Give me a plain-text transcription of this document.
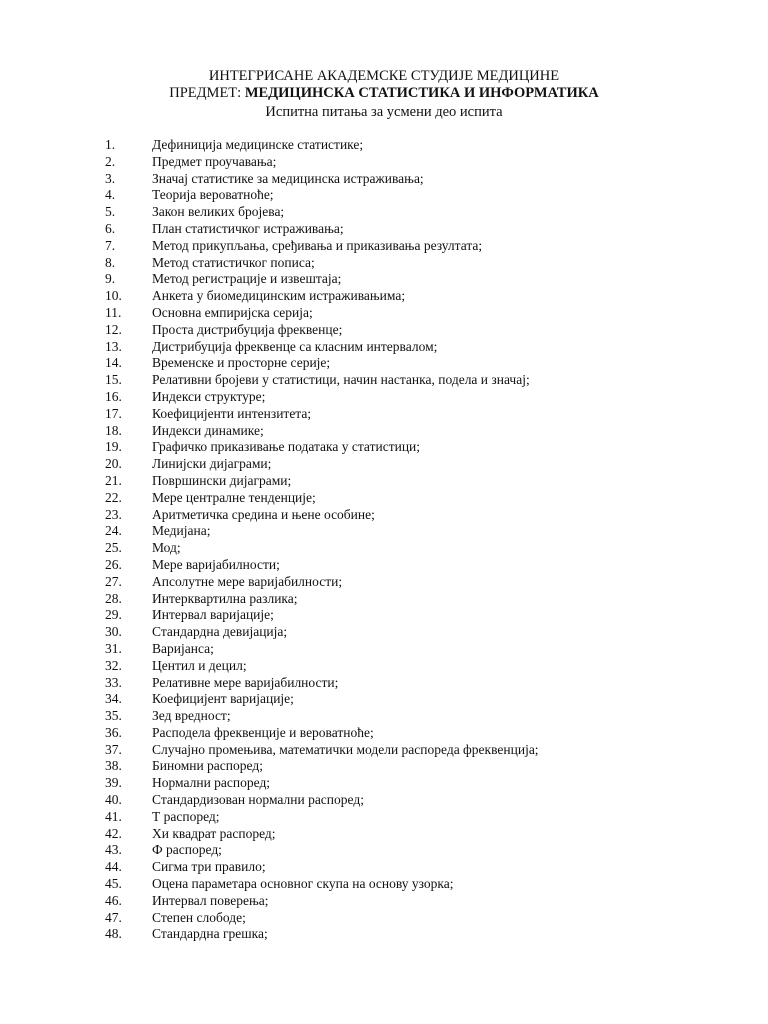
ИНТЕГРИСАНЕ АКАДЕМСКЕ СТУДИЈЕ МЕДИЦИНЕ
ПРЕДМЕТ: МЕДИЦИНСКА СТАТИСТИКА И ИНФОРМАТИКА
Испитна питања за усмени део испита
1.	Дефиниција медицинске статистике;
2.	Предмет проучавања;
3.	Значај статистике за медицинска истраживања;
4.	Теорија вероватноће;
5.	Закон великих бројева;
6.	План статистичког истраживања;
7.	Метод прикупљања, сређивања и приказивања резултата;
8.	Метод статистичког пописа;
9.	Метод регистрације и извештаја;
10. Анкета у биомедицинским истраживањима;
11. Основна емпиријска серија;
12. Проста дистрибуција фреквенце;
13. Дистрибуција фреквенце са класним интервалом;
14. Временске и просторне серије;
15. Релативни бројеви у статистици, начин настанка, подела и значај;
16. Индекси структуре;
17. Коефицијенти интензитета;
18. Индекси динамике;
19. Графичко приказивање података у статистици;
20. Линијски дијаграми;
21. Површински дијаграми;
22. Мере централне тенденције;
23. Аритметичка средина и њене особине;
24. Медијана;
25. Мод;
26. Мере варијабилности;
27. Апсолутне мере варијабилности;
28. Интерквартилна разлика;
29. Интервал варијације;
30. Стандардна девијација;
31. Варијанса;
32. Центил и децил;
33. Релативне мере варијабилности;
34. Коефицијент варијације;
35. Зед вредност;
36. Расподела фреквенције и вероватноће;
37. Случајно промењива, математички модели распореда фреквенција;
38. Биномни распоред;
39. Нормални распоред;
40. Стандардизован нормални распоред;
41. Т распоред;
42. Хи квадрат распоред;
43. Ф распоред;
44. Сигма три правило;
45. Оцена параметара основног скупа на основу узорка;
46. Интервал поверења;
47. Степен слободе;
48. Стандардна грешка;
